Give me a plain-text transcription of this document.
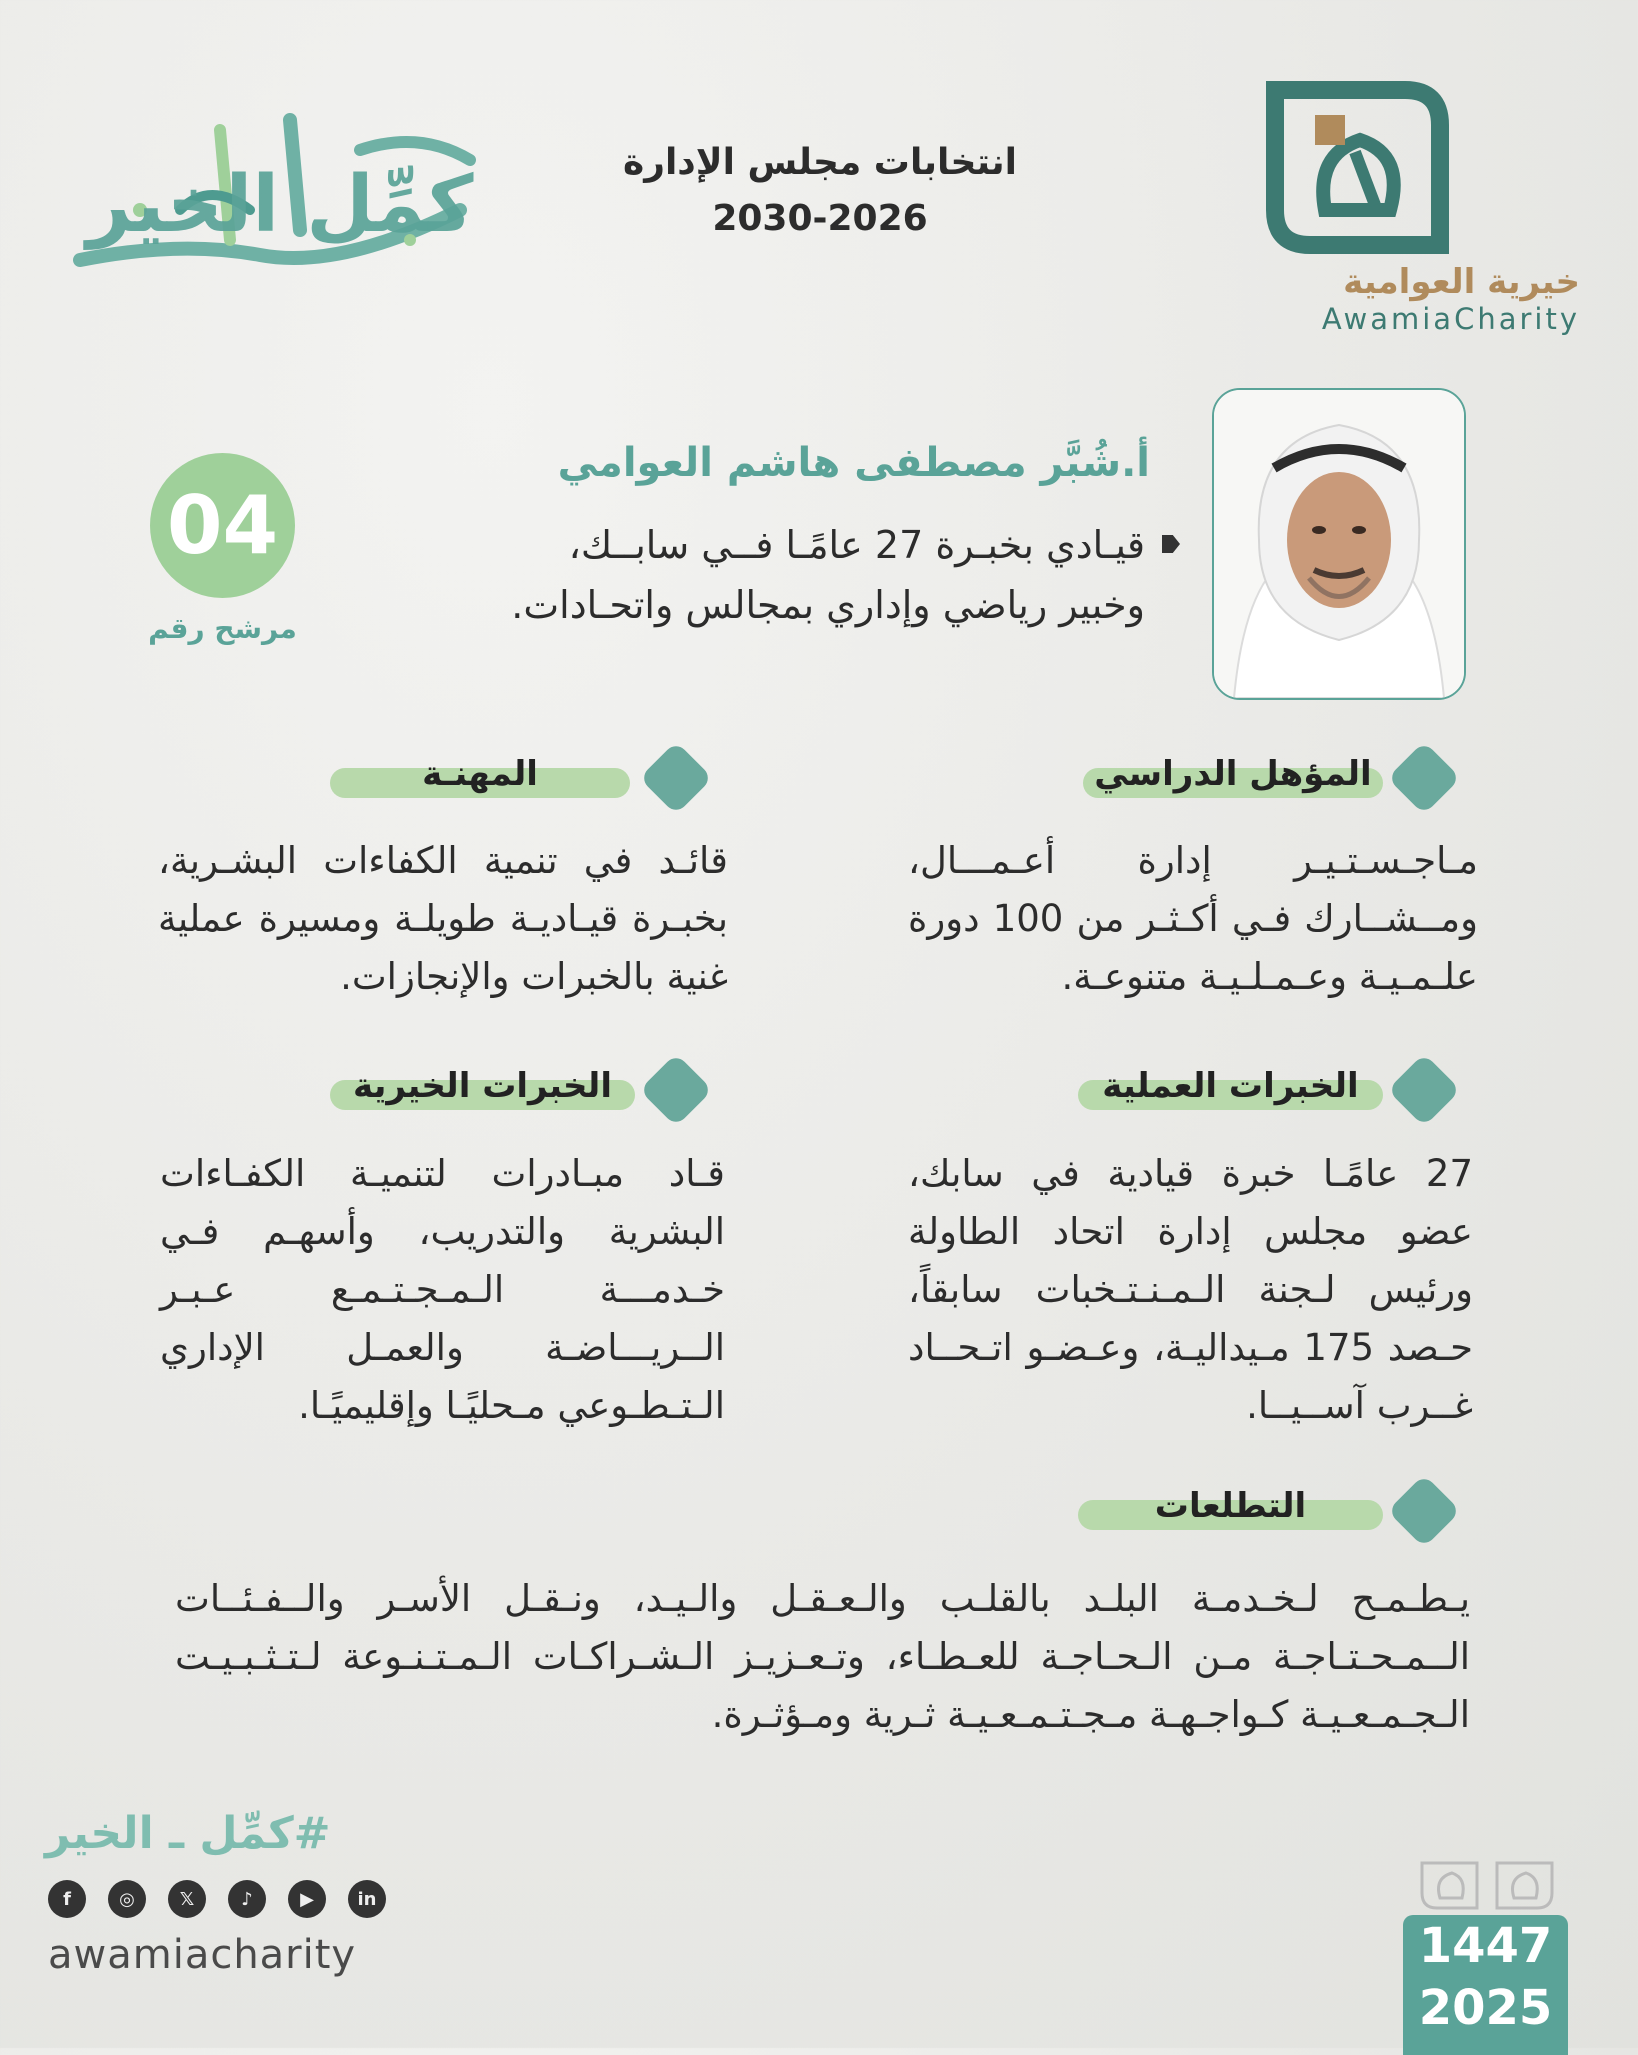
كمِّل الخير	انتخابات مجلس الإدارة
2030-2026
خيرية العوامية
AwamiaCharity
أ.شُبَّر مصطفى هاشم العوامي
قيـادي بخبـرة 27 عامًـا فــي سابــك،
وخبير رياضي وإداري بمجالس واتحـادات.
04
مرشح رقم
المؤهل الدراسي
مـاجـسـتـيـر إدارة أعـمـــال، ومــشــارك فـي أكـثـر من 100 دورة علـمـيـة وعـمـلـيـة متنوعـة.
المهنـة
قائـد في تنمية الكفاءات البشـرية، بخبـرة قيـاديـة طويلـة ومسيرة عملية غنية بالخبرات والإنجازات.
الخبرات العملية
27 عامًـا خبرة قيادية في سابك، عضو مجلس إدارة اتحاد الطاولة ورئيس لـجنة الـمـنـتـخبات سابقاً، حـصد 175 مـيداليـة، وعـضـو اتـحــاد غــرب آســيــا.
الخبرات الخيرية
قـاد مبـادرات لتنميـة الكفـاءات البشرية والتدريب، وأسهـم فـي خـدمـــة الـمـجـتـمـع عـبـر الــريـــاضـة والعمـل الإداري الـتـطـوعي مـحليًـا وإقليميًـا.
التطلعات
يـطـمـح لـخـدمـة البلـد بالقلـب والـعـقـل والـيـد، ونـقـل الأسـر والــفـئــات الــمـحـتـاجـة مـن الـحـاجـة للعـطـاء، وتـعـزيـز الـشـراكـات الـمـتـنـوعة لـتـثـبـيـت الـجـمـعـيـة كـواجـهـة مـجـتـمـعـيـة ثـرية ومـؤثـرة.
#كمِّل ـ الخير
f	◎	𝕏	♪	▶	in
awamiacharity	1447
2025
